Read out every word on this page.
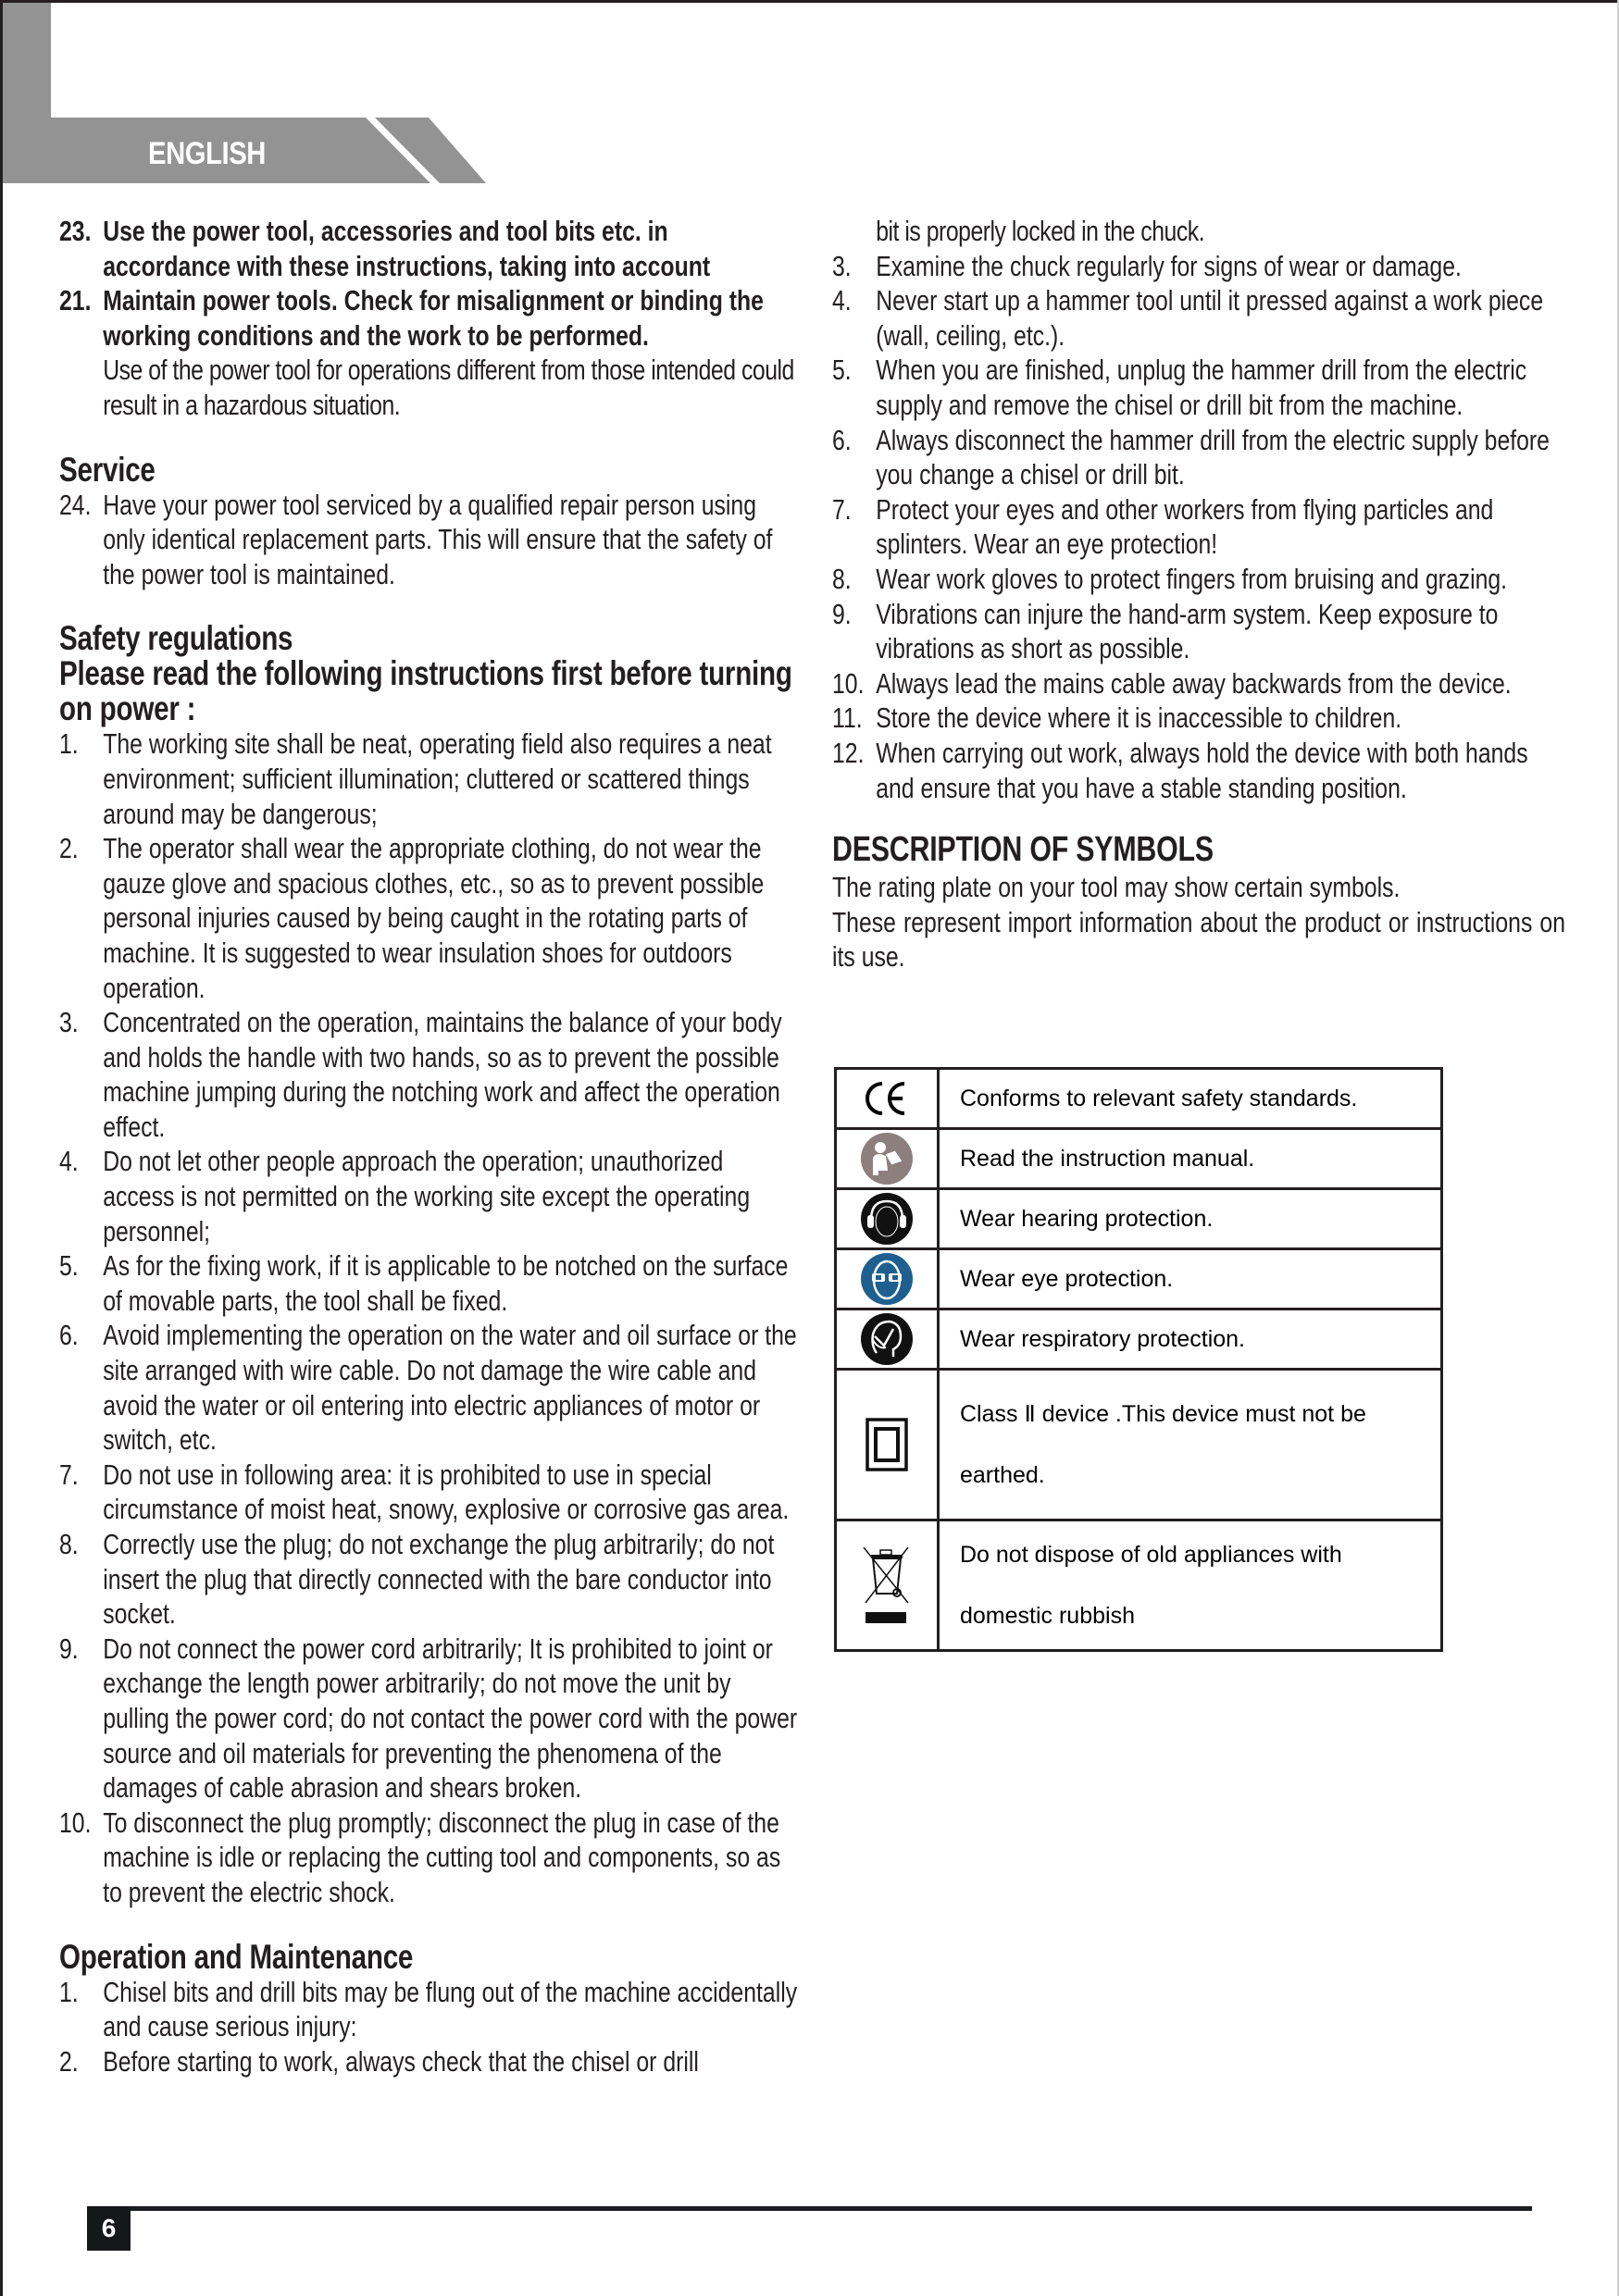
ENGLISH
23. Use the power tool, accessories and tool bits etc. in accordance with these instructions, taking into account
21. Maintain power tools. Check for misalignment or binding the working conditions and the work to be performed.
Use of the power tool for operations different from those intended could result in a hazardous situation.
Service
24. Have your power tool serviced by a qualified repair person using only identical replacement parts. This will ensure that the safety of the power tool is maintained.
Safety regulations
Please read the following instructions first before turning on power :
1. The working site shall be neat, operating field also requires a neat environment; sufficient illumination; cluttered or scattered things around may be dangerous;
2. The operator shall wear the appropriate clothing, do not wear the gauze glove and spacious clothes, etc., so as to prevent possible personal injuries caused by being caught in the rotating parts of machine. It is suggested to wear insulation shoes for outdoors operation.
3. Concentrated on the operation, maintains the balance of your body and holds the handle with two hands, so as to prevent the possible machine jumping during the notching work and affect the operation effect.
4. Do not let other people approach the operation; unauthorized access is not permitted on the working site except the operating personnel;
5. As for the fixing work, if it is applicable to be notched on the surface of movable parts, the tool shall be fixed.
6. Avoid implementing the operation on the water and oil surface or the site arranged with wire cable. Do not damage the wire cable and avoid the water or oil entering into electric appliances of motor or switch, etc.
7. Do not use in following area: it is prohibited to use in special circumstance of moist heat, snowy, explosive or corrosive gas area.
8. Correctly use the plug; do not exchange the plug arbitrarily; do not insert the plug that directly connected with the bare conductor into socket.
9. Do not connect the power cord arbitrarily; It is prohibited to joint or exchange the length power arbitrarily; do not move the unit by pulling the power cord; do not contact the power cord with the power source and oil materials for preventing the phenomena of the damages of cable abrasion and shears broken.
10. To disconnect the plug promptly; disconnect the plug in case of the machine is idle or replacing the cutting tool and components, so as to prevent the electric shock.
Operation and Maintenance
1. Chisel bits and drill bits may be flung out of the machine accidentally and cause serious injury:
2. Before starting to work, always check that the chisel or drill
bit is properly locked in the chuck.
3. Examine the chuck regularly for signs of wear or damage.
4. Never start up a hammer tool until it pressed against a work piece (wall, ceiling, etc.).
5. When you are finished, unplug the hammer drill from the electric supply and remove the chisel or drill bit from the machine.
6. Always disconnect the hammer drill from the electric supply before you change a chisel or drill bit.
7. Protect your eyes and other workers from flying particles and splinters. Wear an eye protection!
8. Wear work gloves to protect fingers from bruising and grazing.
9. Vibrations can injure the hand-arm system. Keep exposure to vibrations as short as possible.
10. Always lead the mains cable away backwards from the device.
11. Store the device where it is inaccessible to children.
12. When carrying out work, always hold the device with both hands and ensure that you have a stable standing position.
DESCRIPTION OF SYMBOLS
The rating plate on your tool may show certain symbols.
These represent import information about the product or instructions on its use.
	Conforms to relevant safety standards.
	Read the instruction manual.
	Wear hearing protection.
	Wear eye protection.
	Wear respiratory protection.

Class Ⅱ device .This device must not be
earthed.

Do not dispose of old appliances with
domestic rubbish
6
